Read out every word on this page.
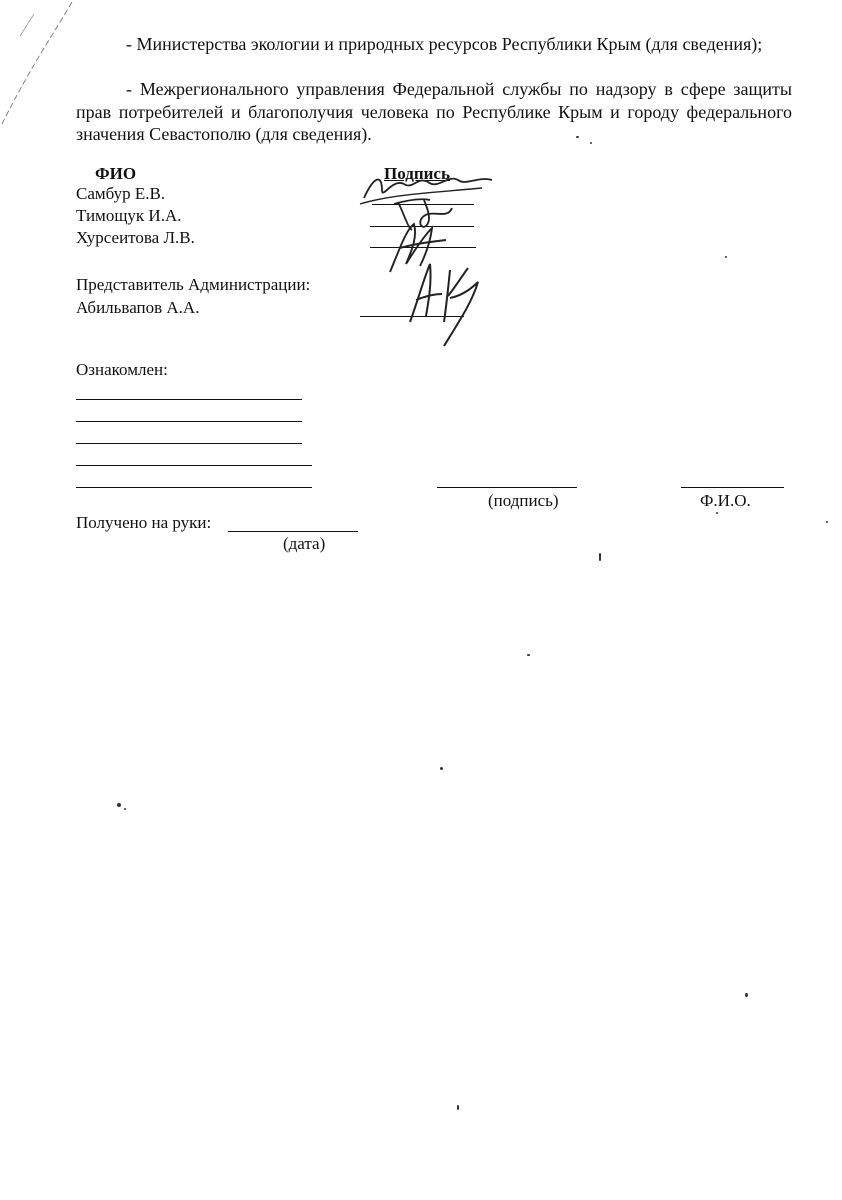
- Министерства экологии и природных ресурсов Республики Крым (для сведения);
- Межрегионального управления Федеральной службы по надзору в сфере защиты прав потребителей и благополучия человека по Республике Крым и городу федерального значения Севастополю (для сведения).
ФИО	Подпись
Самбур Е.В.
Тимощук И.А.
Хурсеитова Л.В.
Представитель Администрации:
Абильвапов А.А.
Ознакомлен:
(подпись)	Ф.И.О.
Получено на руки:
(дата)
